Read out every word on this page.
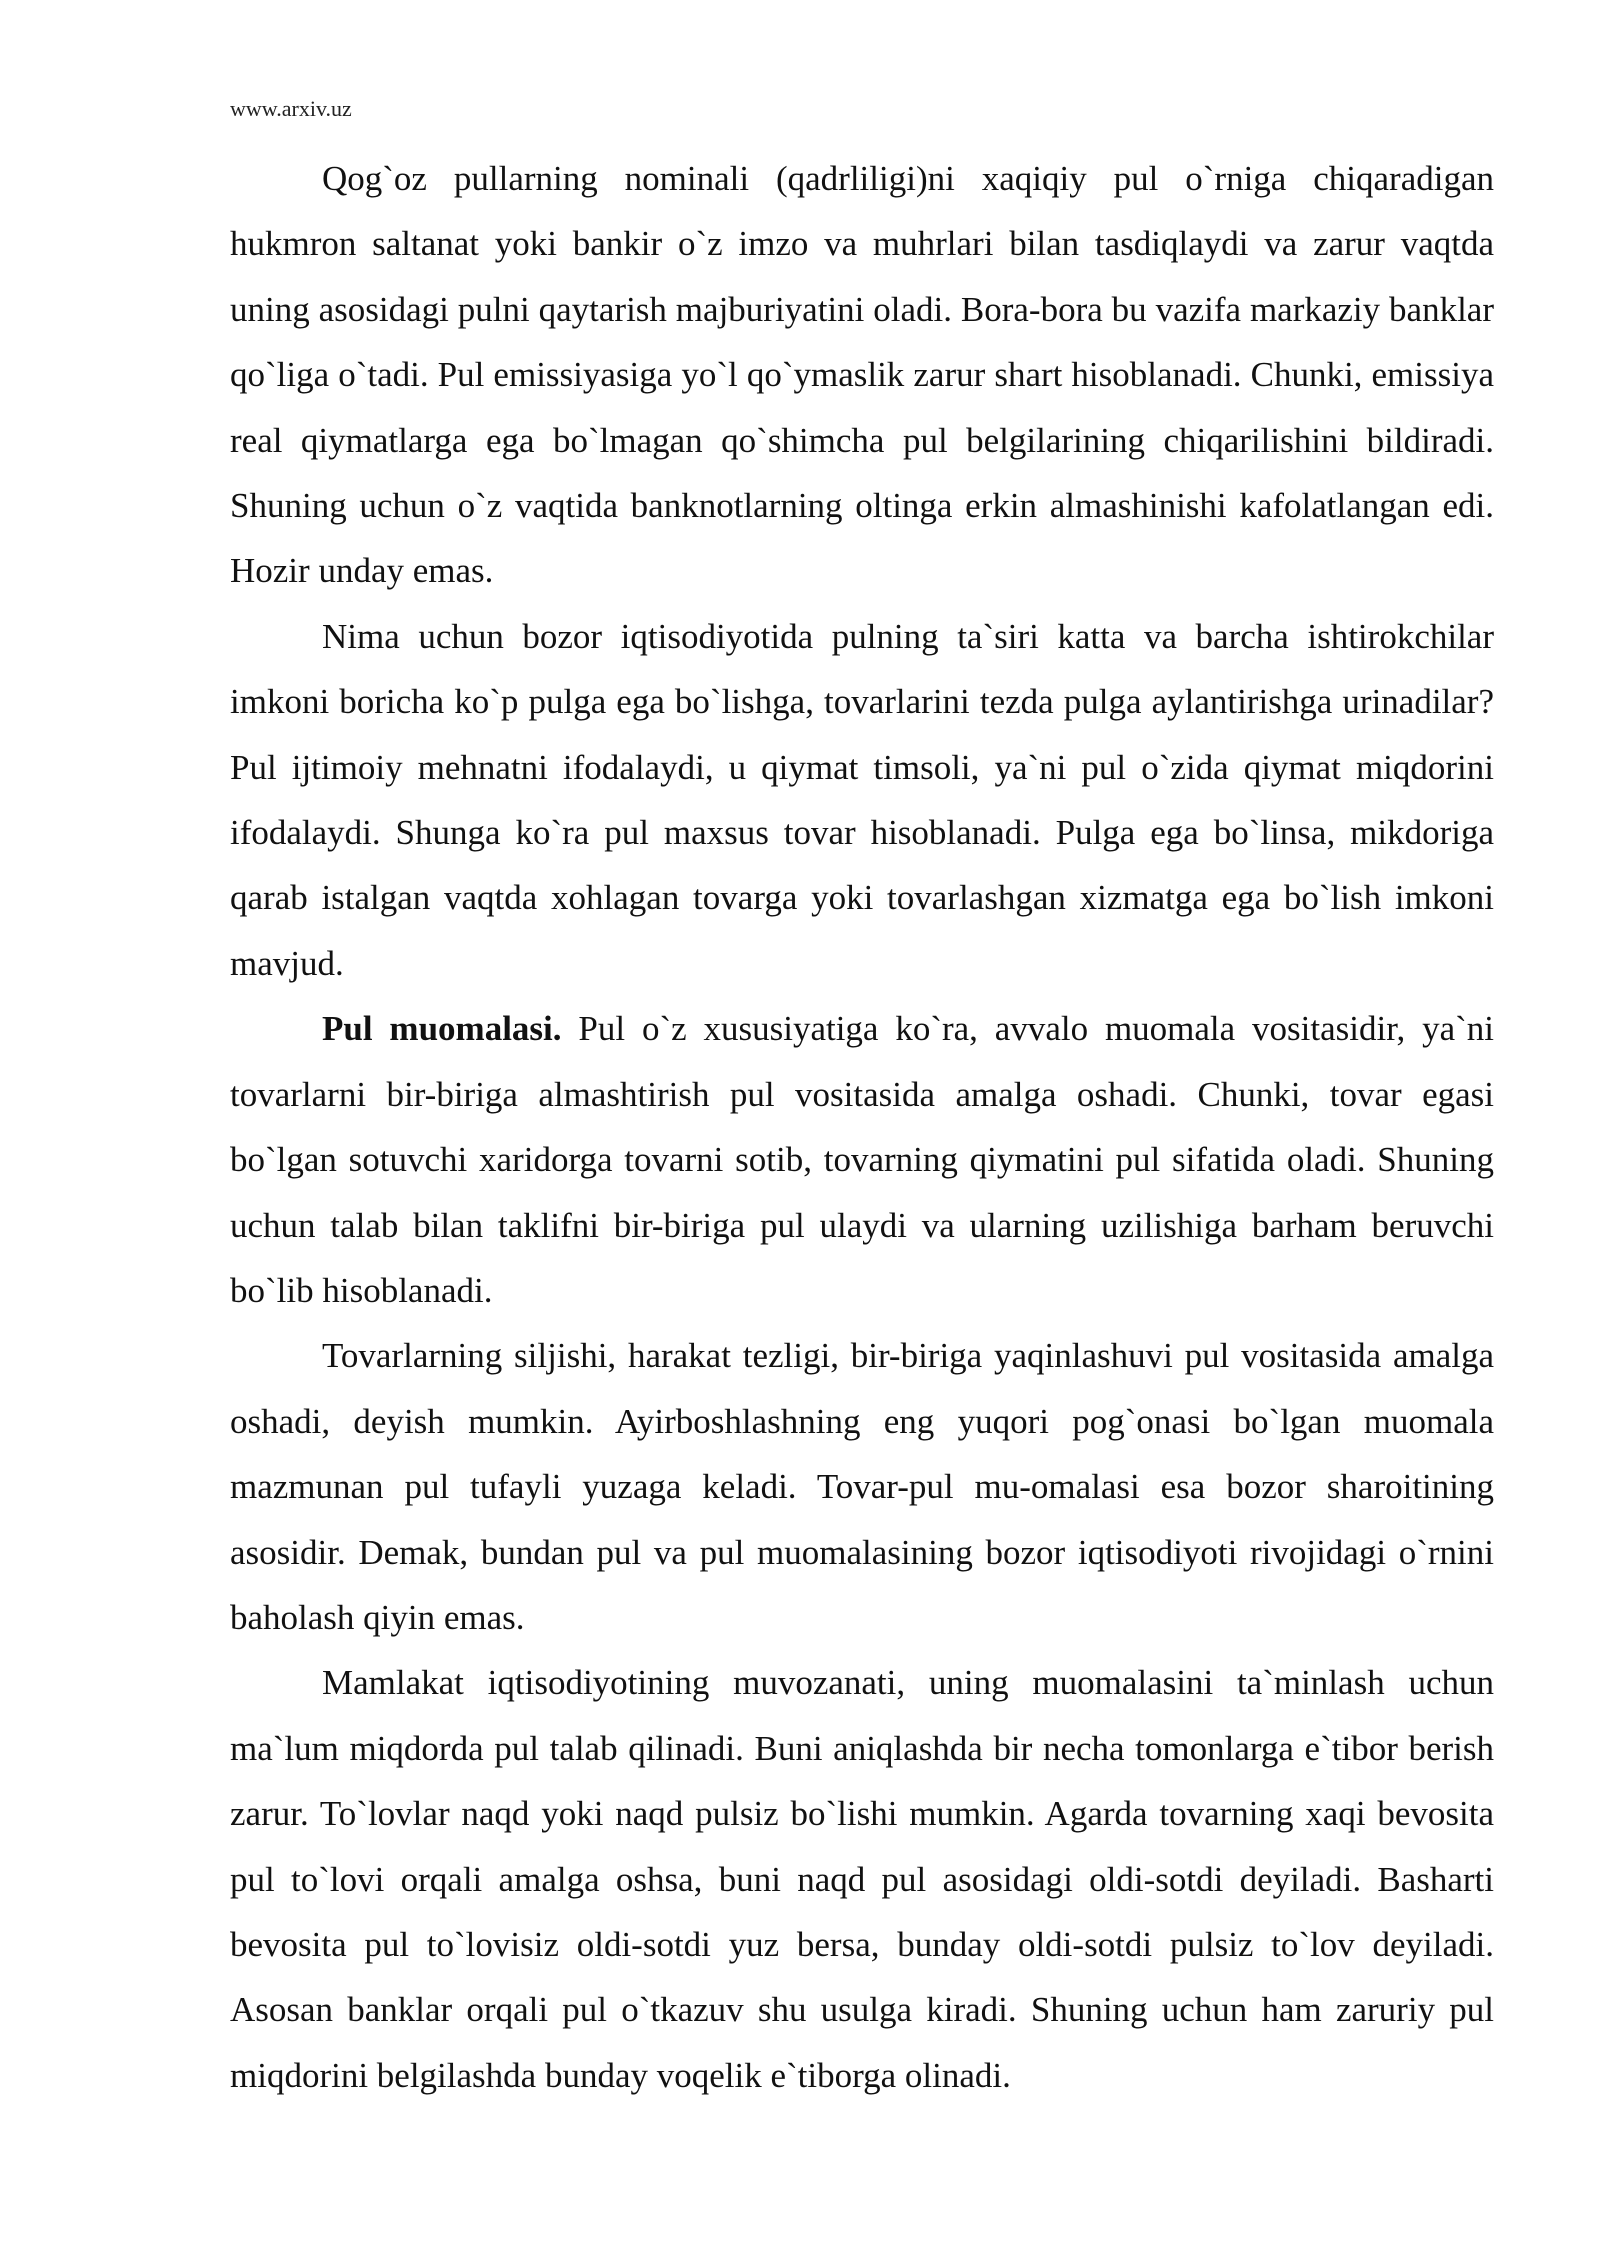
www.arxiv.uz

Qog`oz pullarning nominali (qadrliligi)ni xaqiqiy pul o`rniga chiqaradigan hukmron saltanat yoki bankir o`z imzo va muhrlari bilan tasdiqlaydi va zarur vaqtda uning asosidagi pulni qaytarish majburiyatini oladi. Bora-bora bu vazifa markaziy banklar qo`liga o`tadi. Pul emissiyasiga yo`l qo`ymaslik zarur shart hisoblanadi. Chunki, emissiya real qiymatlarga ega bo`lmagan qo`shimcha pul belgilarining chiqarilishini bildiradi. Shuning uchun o`z vaqtida banknotlarning oltinga erkin almashinishi kafolatlangan edi. Hozir unday emas.

Nima uchun bozor iqtisodiyotida pulning ta`siri katta va barcha ishtirokchilar imkoni boricha ko`p pulga ega bo`lishga, tovarlarini tezda pulga aylantirishga urinadilar? Pul ijtimoiy mehnatni ifodalaydi, u qiymat timsoli, ya`ni pul o`zida qiymat miqdorini ifodalaydi. Shunga ko`ra pul maxsus tovar hisoblanadi. Pulga ega bo`linsa, mikdoriga qarab istalgan vaqtda xohlagan tovarga yoki tovarlashgan xizmatga ega bo`lish imkoni mavjud.

Pul muomalasi. Pul o`z xususiyatiga ko`ra, avvalo muomala vositasidir, ya`ni tovarlarni bir-biriga almashtirish pul vositasida amalga oshadi. Chunki, tovar egasi bo`lgan sotuvchi xaridorga tovarni sotib, tovarning qiymatini pul sifatida oladi. Shuning uchun talab bilan taklifni bir-biriga pul ulaydi va ularning uzilishiga barham beruvchi bo`lib hisoblanadi.

Tovarlarning siljishi, harakat tezligi, bir-biriga yaqinlashuvi pul vositasida amalga oshadi, deyish mumkin. Ayirboshlashning eng yuqori pog`onasi bo`lgan muomala mazmunan pul tufayli yuzaga keladi. Tovar-pul mu-omalasi esa bozor sharoitining asosidir. Demak, bundan pul va pul muomalasining bozor iqtisodiyoti rivojidagi o`rnini baholash qiyin emas.

Mamlakat iqtisodiyotining muvozanati, uning muomalasini ta`minlash uchun ma`lum miqdorda pul talab qilinadi. Buni aniqlashda bir necha tomonlarga e`tibor berish zarur. To`lovlar naqd yoki naqd pulsiz bo`lishi mumkin. Agarda tovarning xaqi bevosita pul to`lovi orqali amalga oshsa, buni naqd pul asosidagi oldi-sotdi deyiladi. Basharti bevosita pul to`lovisiz oldi-sotdi yuz bersa, bunday oldi-sotdi pulsiz to`lov deyiladi. Asosan banklar orqali pul o`tkazuv shu usulga kiradi. Shuning uchun ham zaruriy pul miqdorini belgilashda bunday voqelik e`tiborga olinadi.
